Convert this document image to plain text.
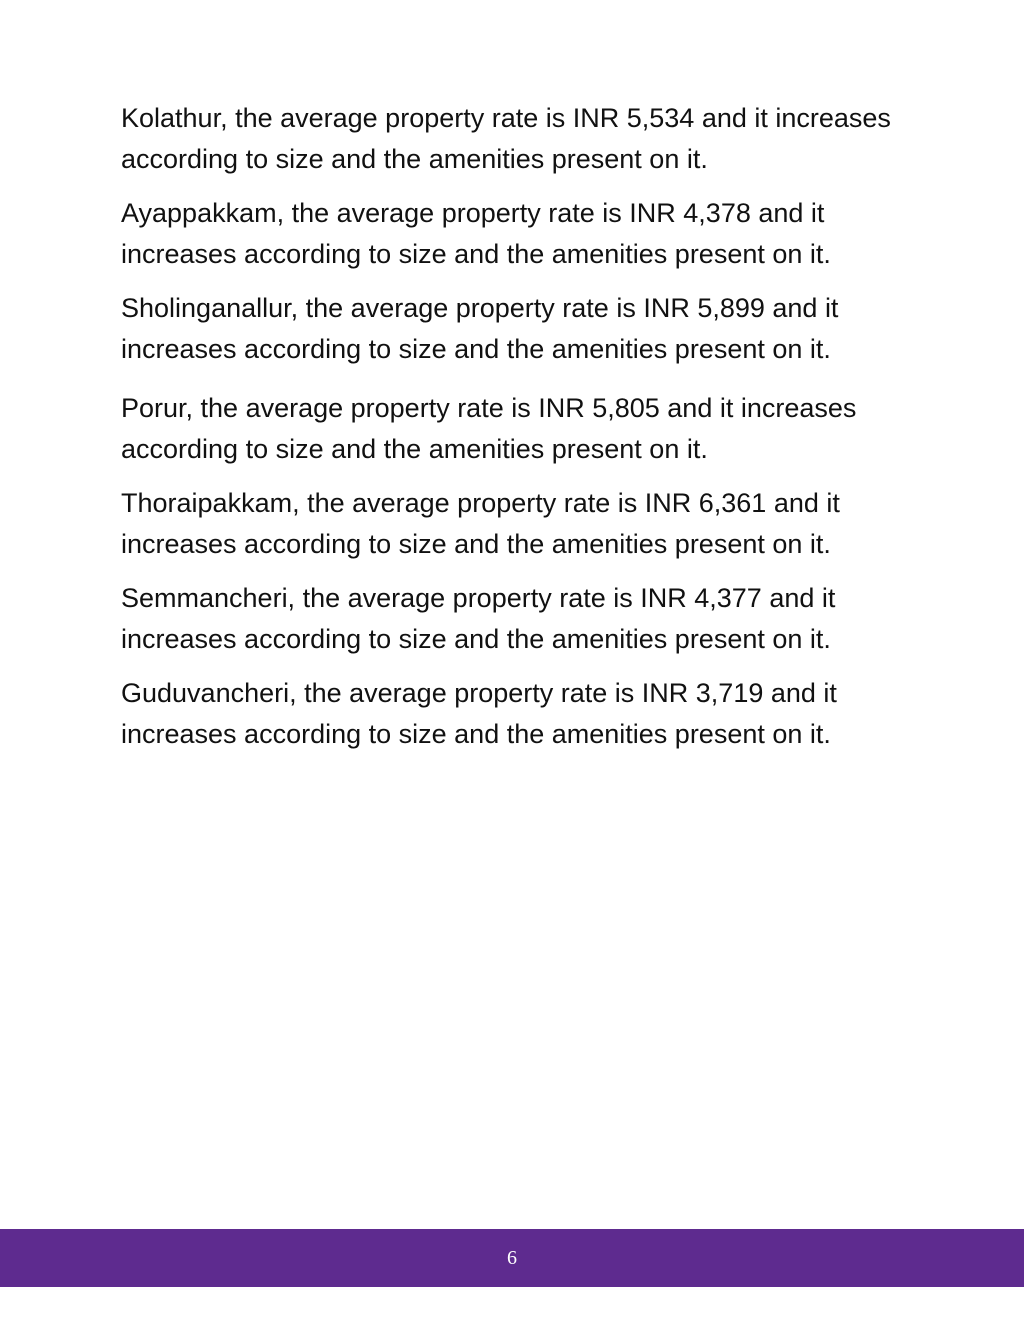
Kolathur, the average property rate is INR 5,534 and it increases according to size and the amenities present on it.

Ayappakkam, the average property rate is INR 4,378 and it increases according to size and the amenities present on it.

Sholinganallur, the average property rate is INR 5,899 and it increases according to size and the amenities present on it.

Porur, the average property rate is INR 5,805 and it increases according to size and the amenities present on it.

Thoraipakkam, the average property rate is INR 6,361 and it increases according to size and the amenities present on it.

Semmancheri, the average property rate is INR 4,377 and it increases according to size and the amenities present on it.

Guduvancheri, the average property rate is INR 3,719 and it increases according to size and the amenities present on it.

6
